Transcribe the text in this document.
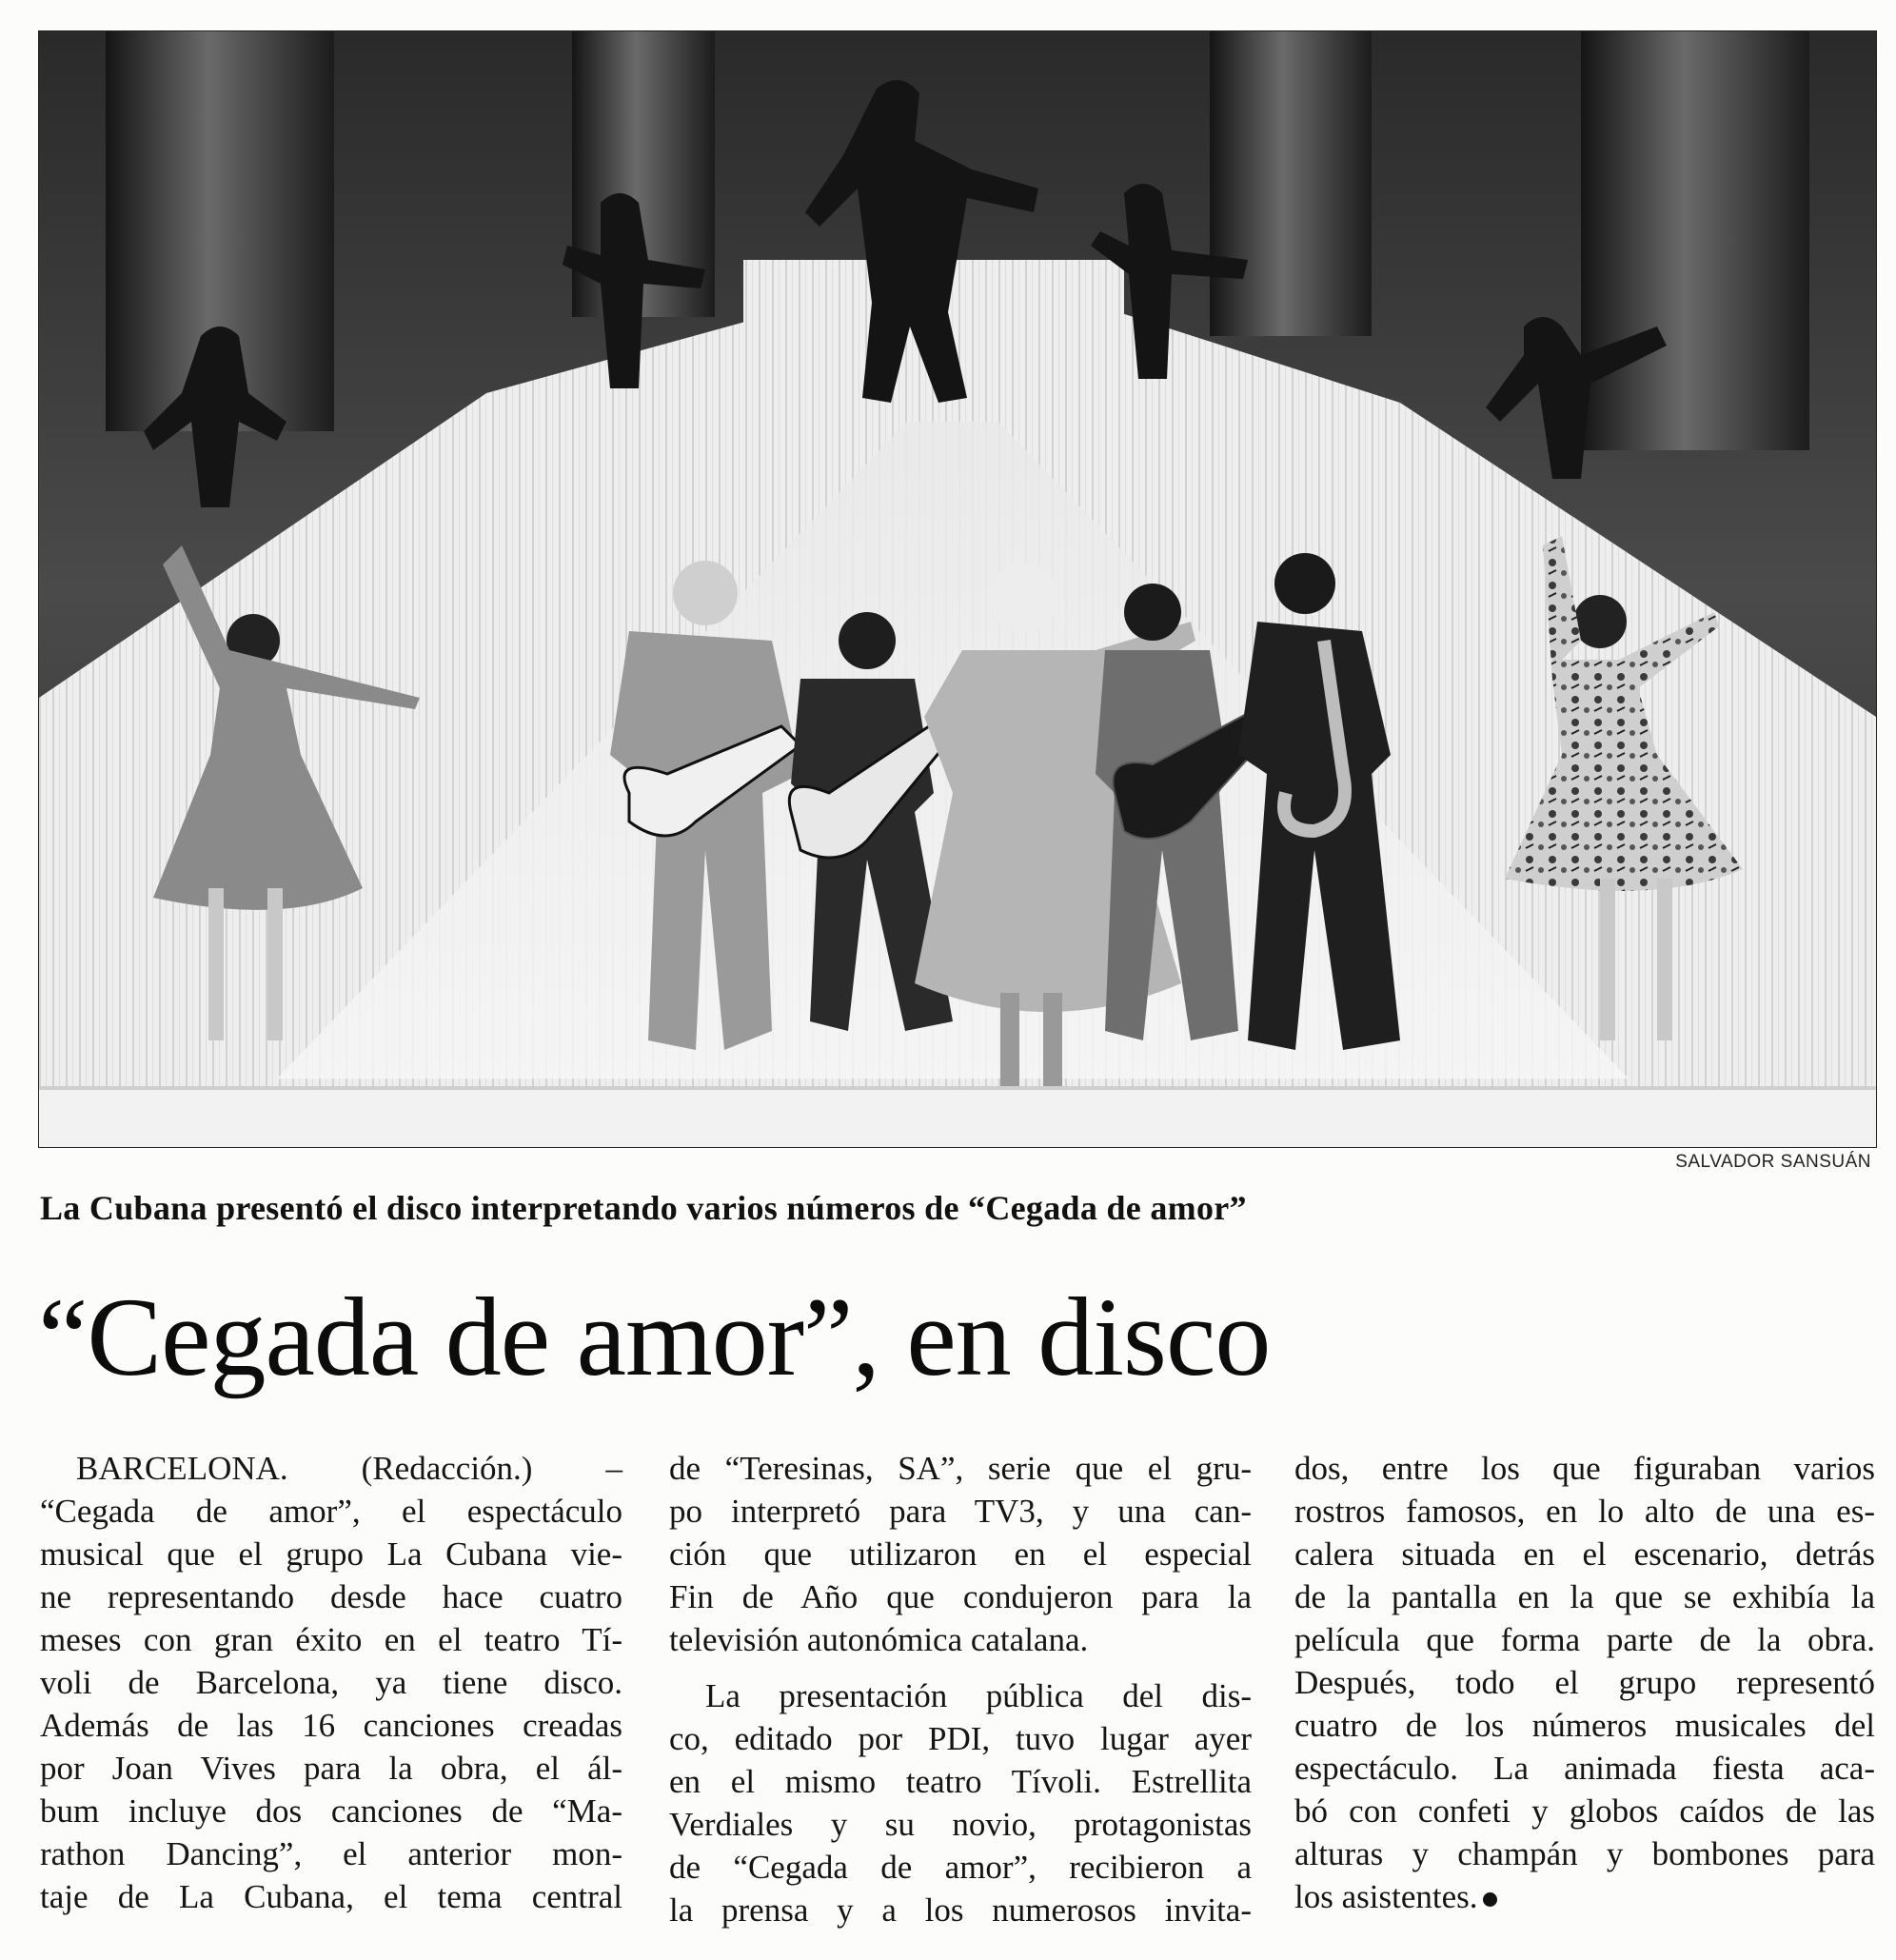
SALVADOR SANSUÁN
La Cubana presentó el disco interpretando varios números de “Cegada de amor”
“Cegada de amor”, en disco
BARCELONA. (Redacción.) –
“Cegada de amor”, el espectáculo
musical que el grupo La Cubana vie-
ne representando desde hace cuatro
meses con gran éxito en el teatro Tí-
voli de Barcelona, ya tiene disco.
Además de las 16 canciones creadas
por Joan Vives para la obra, el ál-
bum incluye dos canciones de “Ma-
rathon Dancing”, el anterior mon-
taje de La Cubana, el tema central
de “Teresinas, SA”, serie que el gru-
po interpretó para TV3, y una can-
ción que utilizaron en el especial
Fin de Año que condujeron para la
televisión autonómica catalana.
La presentación pública del dis-
co, editado por PDI, tuvo lugar ayer
en el mismo teatro Tívoli. Estrellita
Verdiales y su novio, protagonistas
de “Cegada de amor”, recibieron a
la prensa y a los numerosos invita-
dos, entre los que figuraban varios
rostros famosos, en lo alto de una es-
calera situada en el escenario, detrás
de la pantalla en la que se exhibía la
película que forma parte de la obra.
Después, todo el grupo representó
cuatro de los números musicales del
espectáculo. La animada fiesta aca-
bó con confeti y globos caídos de las
alturas y champán y bombones para
los asistentes.
